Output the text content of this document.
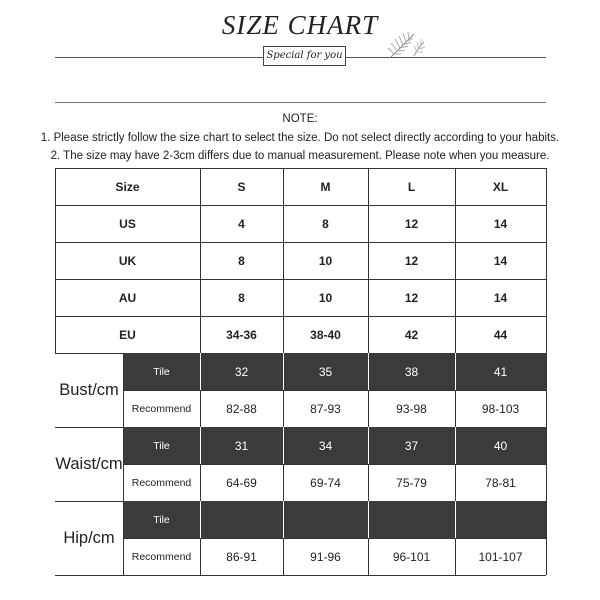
SIZE CHART
Special for you
NOTE:
1. Please strictly follow the size chart to select the size. Do not select directly according to your habits.
2. The size may have 2-3cm differs due to manual measurement. Please note when you measure.
Size	S	M	L	XL
US	4	8	12	14
UK	8	10	12	14
AU	8	10	12	14
EU	34-36	38-40	42	44
Bust/cm
Tile	32	35	38	41
Recommend	82-88	87-93	93-98	98-103
Waist/cm
Tile	31	34	37	40
Recommend	64-69	69-74	75-79	78-81
Hip/cm
Tile
Recommend	86-91	91-96	96-101	101-107
